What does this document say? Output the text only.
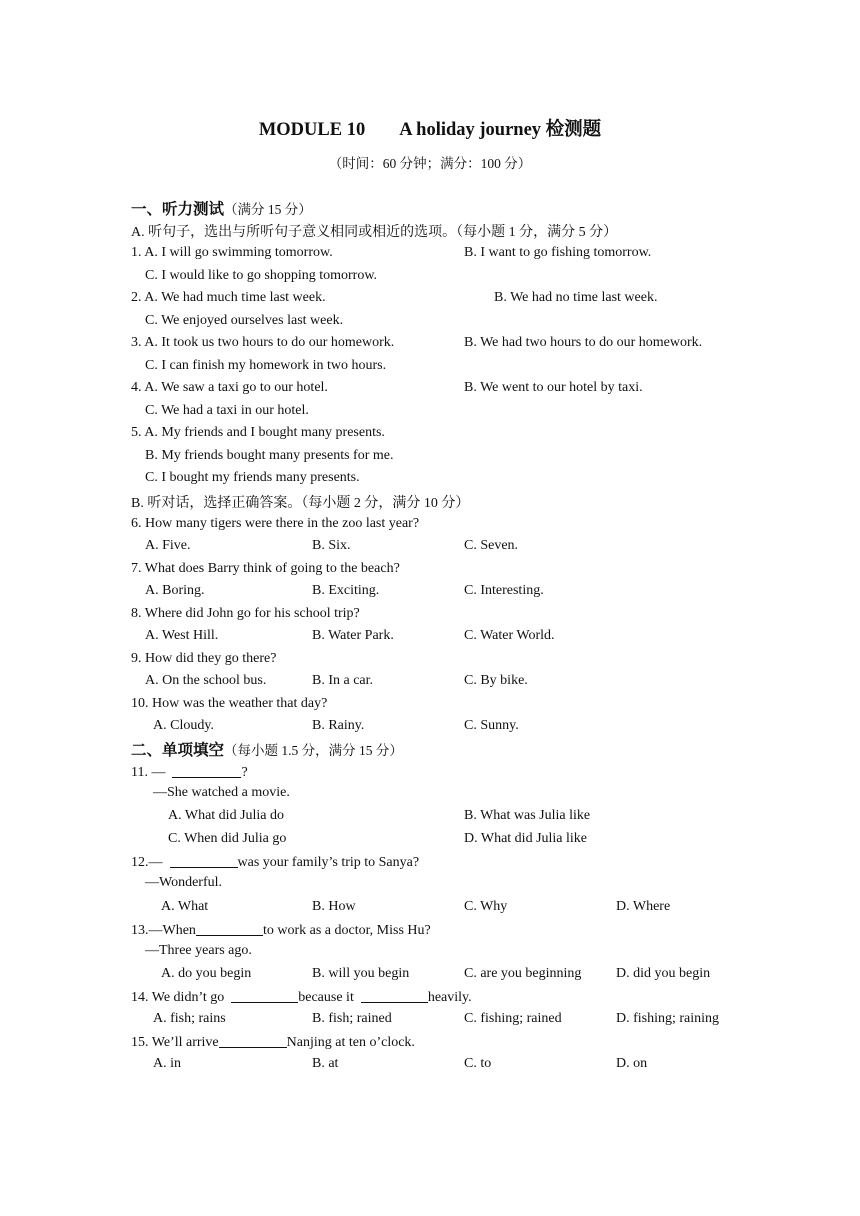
MODULE 10 A holiday journey 检测题
（时间：60 分钟；满分：100 分）
一、听力测试（满分 15 分）
A. 听句子，选出与所听句子意义相同或相近的选项。（每小题 1 分，满分 5 分）
1. A. I will go swimming tomorrow.	B. I want to go fishing tomorrow.
C. I would like to go shopping tomorrow.
2. A. We had much time last week.	B. We had no time last week.
C. We enjoyed ourselves last week.
3. A. It took us two hours to do our homework.	B. We had two hours to do our homework.
C. I can finish my homework in two hours.
4. A. We saw a taxi go to our hotel.	B. We went to our hotel by taxi.
C. We had a taxi in our hotel.
5. A. My friends and I bought many presents.
B. My friends bought many presents for me.
C. I bought my friends many presents.
B. 听对话，选择正确答案。（每小题 2 分，满分 10 分）
6. How many tigers were there in the zoo last year?
A. Five.	B. Six.	C. Seven.
7. What does Barry think of going to the beach?
A. Boring.	B. Exciting.	C. Interesting.
8. Where did John go for his school trip?
A. West Hill.	B. Water Park.	C. Water World.
9. How did they go there?
A. On the school bus.	B. In a car.	C. By bike.
10. How was the weather that day?
A. Cloudy.	B. Rainy.	C. Sunny.
二、单项填空（每小题 1.5 分，满分 15 分）
11. —	?
—She watched a movie.
A. What did Julia do	B. What was Julia like
C. When did Julia go	D. What did Julia like
12.—	was your family’s trip to Sanya?
—Wonderful.
A. What	B. How	C. Why	D. Where
13.—When	to work as a doctor, Miss Hu?
—Three years ago.
A. do you begin	B. will you begin	C. are you beginning D. did you begin
14. We didn’t go	because it	heavily.
A. fish; rains	B. fish; rained	C. fishing; rained	D. fishing; raining
15. We’ll arrive	Nanjing at ten o’clock.
A. in	B. at	C. to	D. on
